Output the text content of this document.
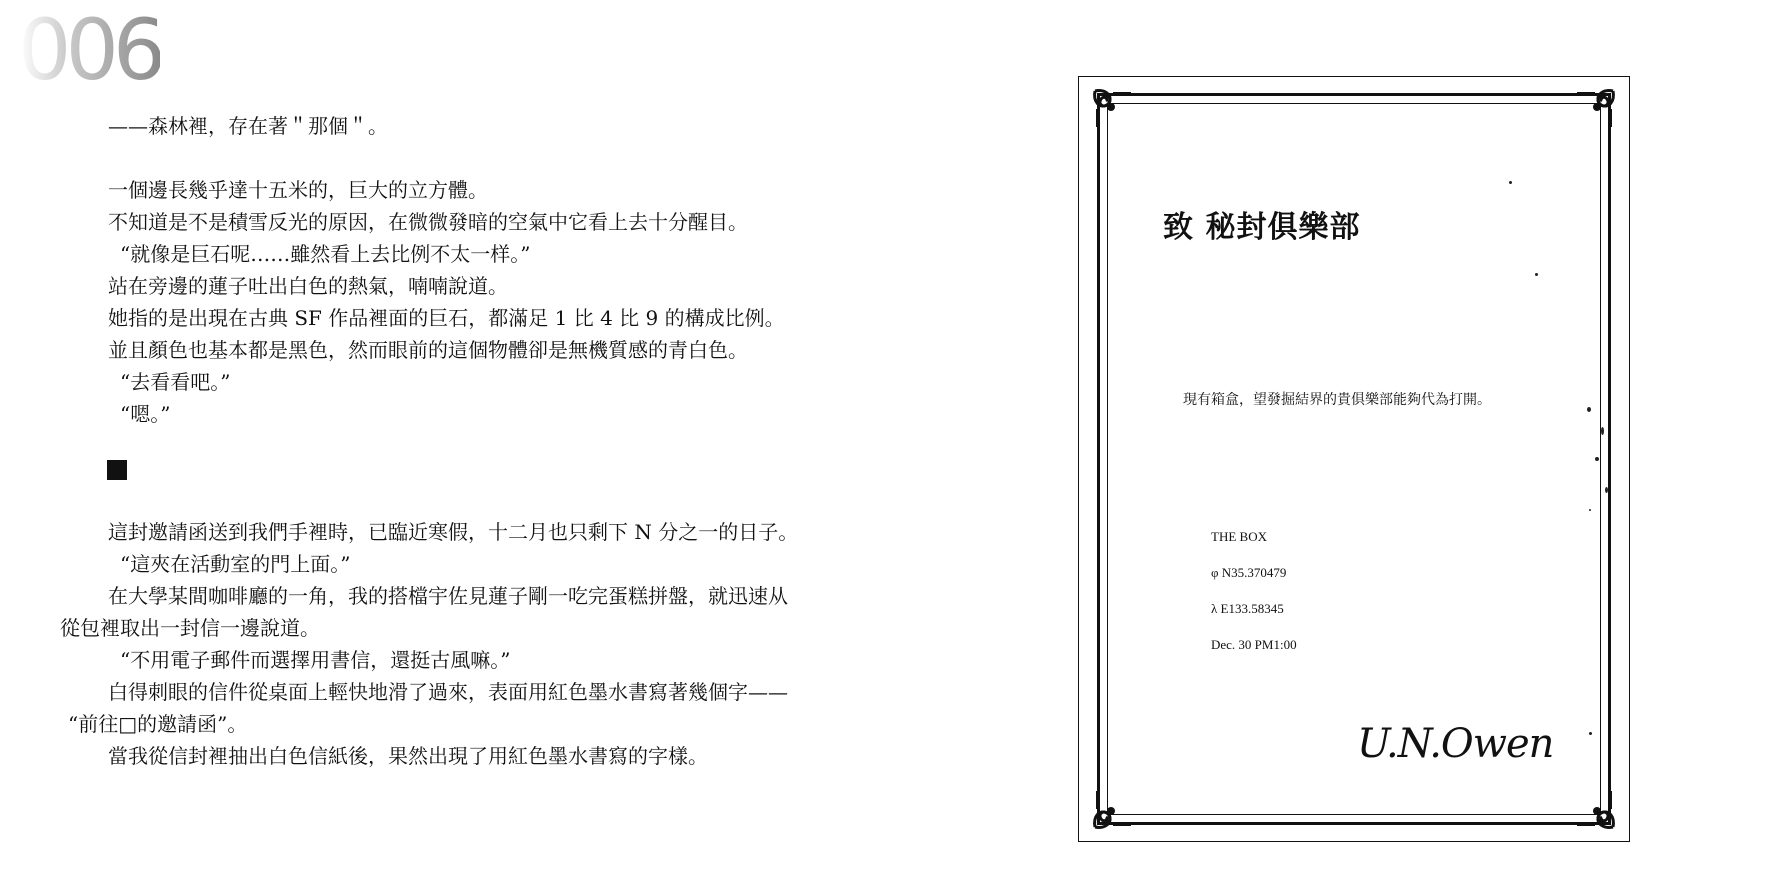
006
——森林裡，存在著＂那個＂。
一個邊長幾乎達十五米的，巨大的立方體。
不知道是不是積雪反光的原因，在微微發暗的空氣中它看上去十分醒目。
“就像是巨石呢……雖然看上去比例不太一样。”
站在旁邊的蓮子吐出白色的熱氣，喃喃說道。
她指的是出現在古典 SF 作品裡面的巨石，都滿足 1 比 4 比 9 的構成比例。
並且顏色也基本都是黑色，然而眼前的這個物體卻是無機質感的青白色。
“去看看吧。”
“嗯。”
這封邀請函送到我們手裡時，已臨近寒假，十二月也只剩下 N 分之一的日子。
“這夾在活動室的門上面。”
在大學某間咖啡廳的一角，我的搭檔宇佐見蓮子剛一吃完蛋糕拼盤，就迅速从
從包裡取出一封信一邊說道。
“不用電子郵件而選擇用書信，還挺古風嘛。”
白得刺眼的信件從桌面上輕快地滑了過來，表面用紅色墨水書寫著幾個字——
“前往□的邀請函”。
當我從信封裡抽出白色信紙後，果然出現了用紅色墨水書寫的字樣。
致 秘封俱樂部
現有箱盒，望發掘結界的貴俱樂部能夠代為打開。
THE BOX
φ N35.370479
λ E133.58345
Dec. 30 PM1:00
U.N.Owen
